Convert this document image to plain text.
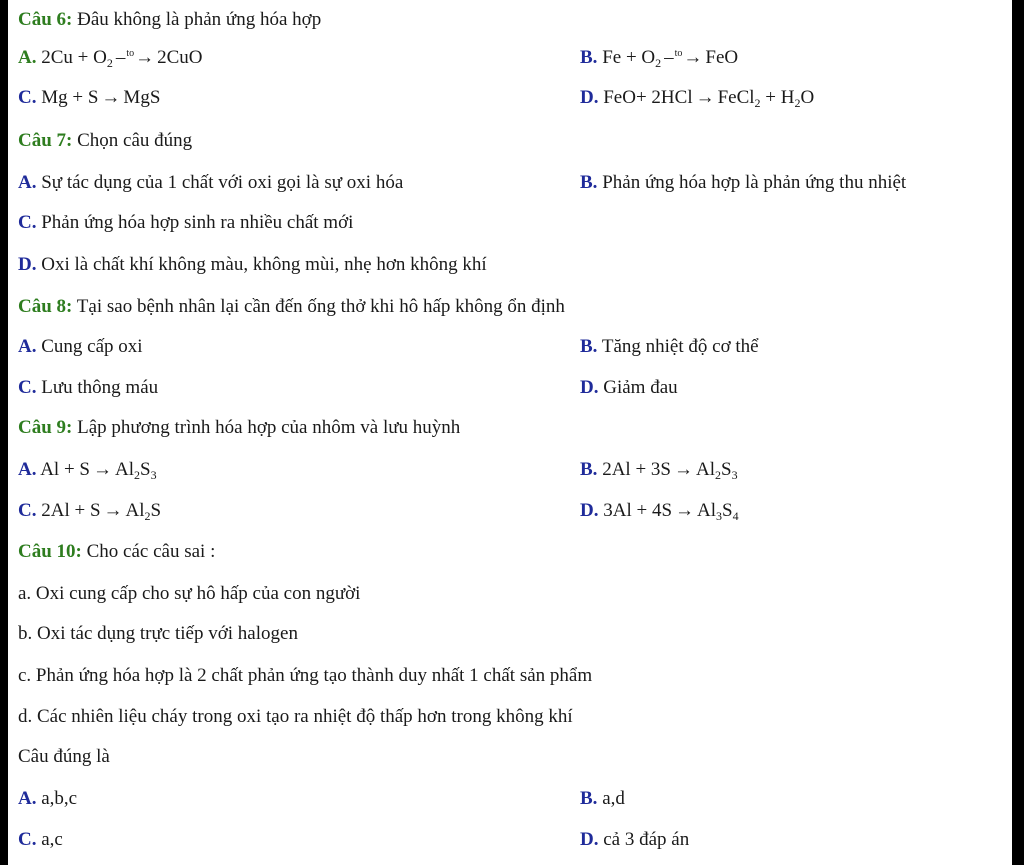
Câu 6: Đâu không là phản ứng hóa hợp
A. $2Cu + O_2$ –$^{to}$→ 2CuO	B. $Fe + O_2$ –$^{to}$→ FeO
C. Mg + S → MgS	D. FeO+ 2HCl → FeCl$_2$ + $H_2O$
Câu 7: Chọn câu đúng
A. Sự tác dụng của 1 chất với oxi gọi là sự oxi hóa	B. Phản ứng hóa hợp là phản ứng thu nhiệt
C. Phản ứng hóa hợp sinh ra nhiều chất mới
D. Oxi là chất khí không màu, không mùi, nhẹ hơn không khí
Câu 8: Tại sao bệnh nhân lại cần đến ống thở khi hô hấp không ổn định
A. Cung cấp oxi	B. Tăng nhiệt độ cơ thể
C. Lưu thông máu	D. Giảm đau
Câu 9: Lập phương trình hóa hợp của nhôm và lưu huỳnh
A. $Al + S \to Al_2S_3$	B. $2Al + 3S \to Al_2S_3$
C. $2Al + S \to Al_2S$	D. $3Al + 4S \to Al_3S_4$
Câu 10: Cho các câu sai :
a. Oxi cung cấp cho sự hô hấp của con người
b. Oxi tác dụng trực tiếp với halogen
c. Phản ứng hóa hợp là 2 chất phản ứng tạo thành duy nhất 1 chất sản phẩm
d. Các nhiên liệu cháy trong oxi tạo ra nhiệt độ thấp hơn trong không khí
Câu đúng là
A. a,b,c	B. a,d
C. a,c	D. cả 3 đáp án
